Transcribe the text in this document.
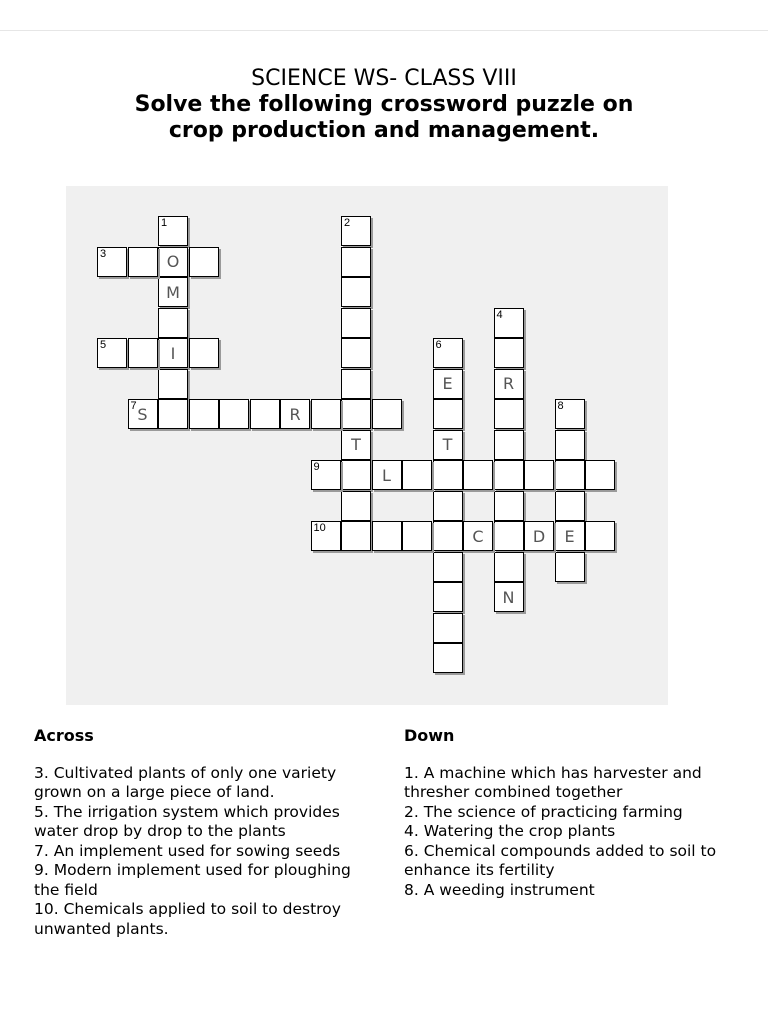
SCIENCE WS- CLASS VIII
Solve the following crossword puzzle on
crop production and management.
1
O
M
I
2
T
3
4
R
N
5	6
E
T
7 S	R	8
E
9	L
10	C	D
Across

3. Cultivated plants of only one variety grown on a large piece of land.

5. The irrigation system which provides water drop by drop to the plants

7. An implement used for sowing seeds

9. Modern implement used for ploughing the field

10. Chemicals applied to soil to destroy unwanted plants.

Down

1. A machine which has harvester and thresher combined together

2. The science of practicing farming

4. Watering the crop plants

6. Chemical compounds added to soil to enhance its fertility

8. A weeding instrument
